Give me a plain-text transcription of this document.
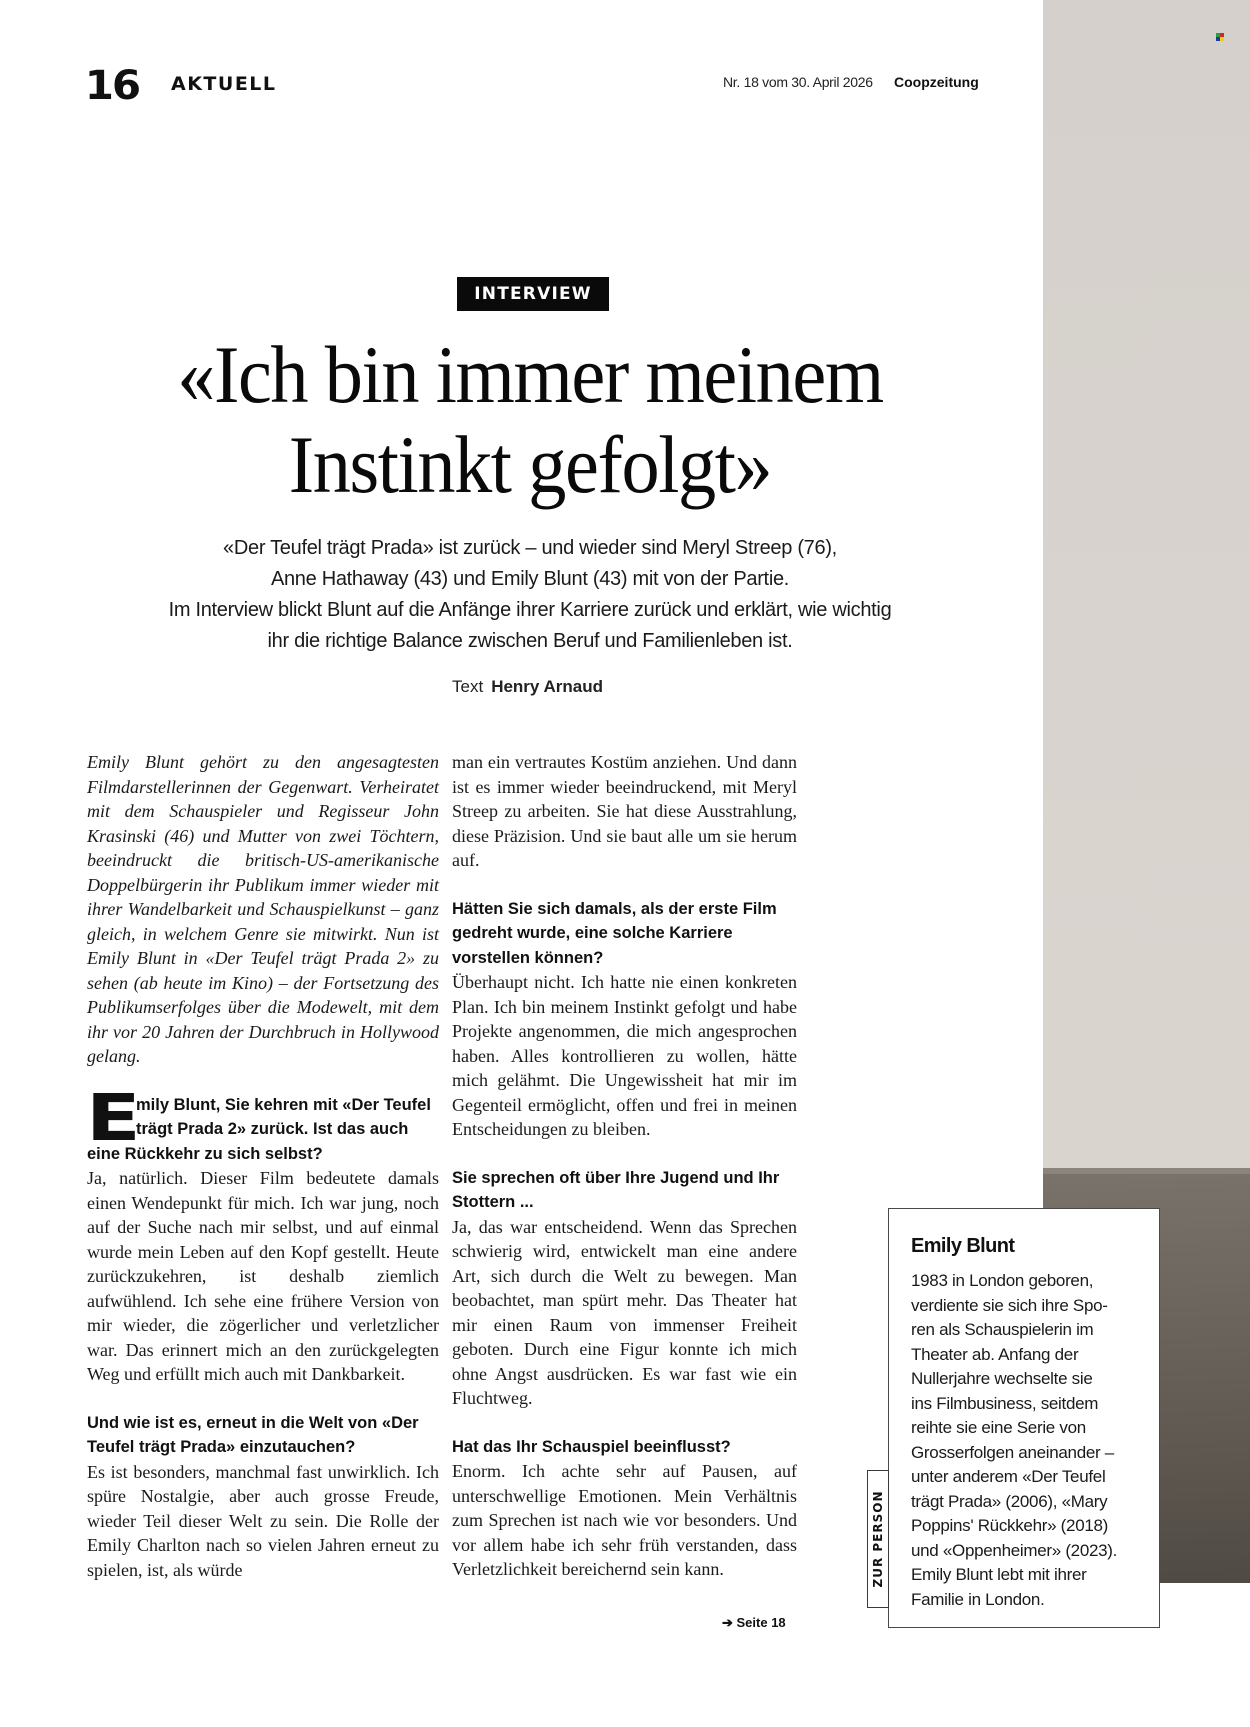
16 AKTUELL	Nr. 18 vom 30. April 2026 Coopzeitung
INTERVIEW
«Ich bin immer meinem
Instinkt gefolgt»
«Der Teufel trägt Prada» ist zurück – und wieder sind Meryl Streep (76),
Anne Hathaway (43) und Emily Blunt (43) mit von der Partie.
Im Interview blickt Blunt auf die Anfänge ihrer Karriere zurück und erklärt, wie wichtig
ihr die richtige Balance zwischen Beruf und Familienleben ist.
Text Henry Arnaud

Emily Blunt gehört zu den angesagtesten Filmdarstellerinnen der Gegenwart. Verheiratet mit dem Schauspieler und Regisseur John Krasinski (46) und Mutter von zwei Töchtern, beeindruckt die britisch-US-amerikanische Doppelbürgerin ihr Publikum immer wieder mit ihrer Wandelbarkeit und Schauspielkunst – ganz gleich, in welchem Genre sie mitwirkt. Nun ist Emily Blunt in «Der Teufel trägt Prada 2» zu sehen (ab heute im Kino) – der Fortsetzung des Publikumserfolges über die Modewelt, mit dem ihr vor 20 Jahren der Durchbruch in Hollywood gelang.

E
mily Blunt, Sie kehren mit «Der Teufel trägt Prada 2» zurück. Ist das auch eine Rückkehr zu sich selbst?

Ja, natürlich. Dieser Film bedeutete damals einen Wendepunkt für mich. Ich war jung, noch auf der Suche nach mir selbst, und auf einmal wurde mein Leben auf den Kopf gestellt. Heute zurückzukehren, ist deshalb ziemlich aufwühlend. Ich sehe eine frühere Version von mir wieder, die zögerlicher und verletzlicher war. Das erinnert mich an den zurückgelegten Weg und erfüllt mich auch mit Dankbarkeit.

Und wie ist es, erneut in die Welt von «Der Teufel trägt Prada» einzutauchen?

Es ist besonders, manchmal fast unwirklich. Ich spüre Nostalgie, aber auch grosse Freude, wieder Teil dieser Welt zu sein. Die Rolle der Emily Charlton nach so vielen Jahren erneut zu spielen, ist, als würde

man ein vertrautes Kostüm anziehen. Und dann ist es immer wieder beeindruckend, mit Meryl Streep zu arbeiten. Sie hat diese Ausstrahlung, diese Präzision. Und sie baut alle um sie herum auf.

Hätten Sie sich damals, als der erste Film gedreht wurde, eine solche Karriere vorstellen können?

Überhaupt nicht. Ich hatte nie einen konkreten Plan. Ich bin meinem Instinkt gefolgt und habe Projekte angenommen, die mich angesprochen haben. Alles kontrollieren zu wollen, hätte mich gelähmt. Die Ungewissheit hat mir im Gegenteil ermöglicht, offen und frei in meinen Entscheidungen zu bleiben.

Sie sprechen oft über Ihre Jugend und Ihr Stottern ...

Ja, das war entscheidend. Wenn das Sprechen schwierig wird, entwickelt man eine andere Art, sich durch die Welt zu bewegen. Man beobachtet, man spürt mehr. Das Theater hat mir einen Raum von immenser Freiheit geboten. Durch eine Figur konnte ich mich ohne Angst ausdrücken. Es war fast wie ein Fluchtweg.

Hat das Ihr Schauspiel beeinflusst?

Enorm. Ich achte sehr auf Pausen, auf unterschwellige Emotionen. Mein Verhältnis zum Sprechen ist nach wie vor besonders. Und vor allem habe ich sehr früh verstanden, dass Verletzlichkeit bereichernd sein kann.

➔ Seite 18
Emily Blunt
1983 in London geboren,
verdiente sie sich ihre Spo-
ren als Schauspielerin im
Theater ab. Anfang der
Nullerjahre wechselte sie
ins Filmbusiness, seitdem
reihte sie eine Serie von
Grosserfolgen aneinander –
unter anderem «Der Teufel
trägt Prada» (2006), «Mary
Poppins' Rückkehr» (2018)
und «Oppenheimer» (2023).
Emily Blunt lebt mit ihrer
Familie in London.
ZUR PERSON
